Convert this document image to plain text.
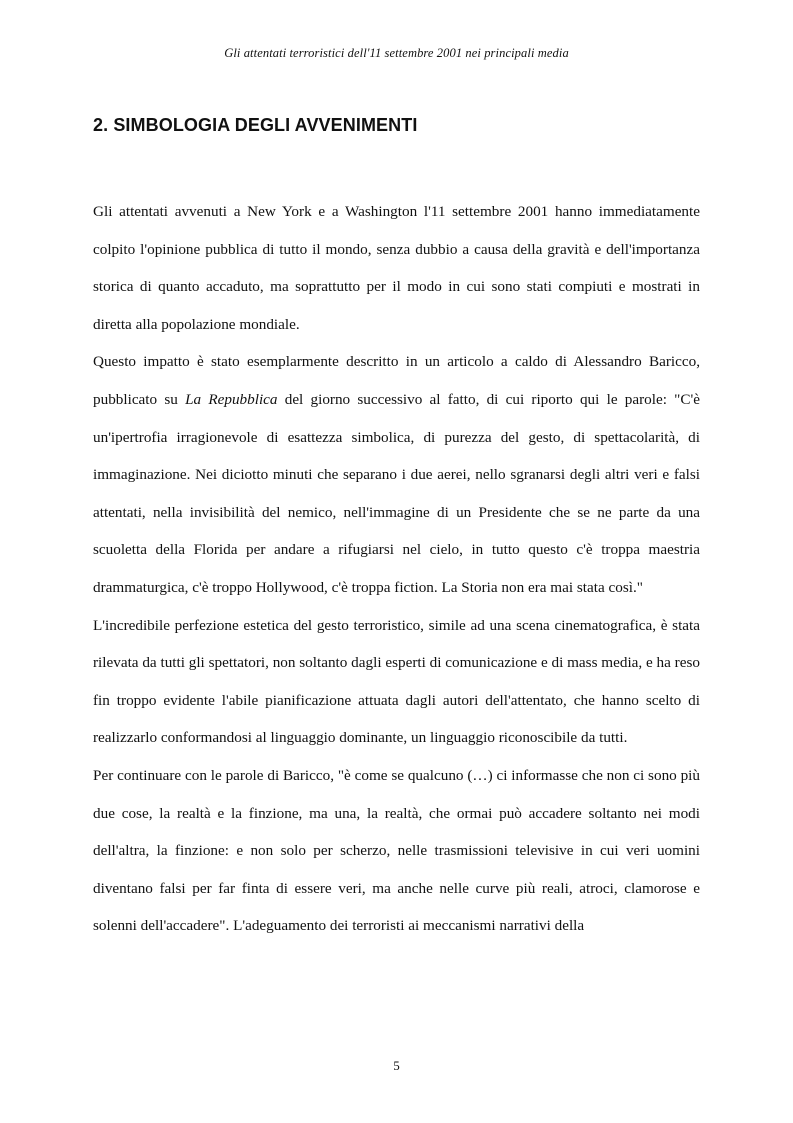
Gli attentati terroristici dell'11 settembre 2001 nei principali media
2. SIMBOLOGIA DEGLI AVVENIMENTI

Gli attentati avvenuti a New York e a Washington l'11 settembre 2001 hanno immediatamente colpito l'opinione pubblica di tutto il mondo, senza dubbio a causa della gravità e dell'importanza storica di quanto accaduto, ma soprattutto per il modo in cui sono stati compiuti e mostrati in diretta alla popolazione mondiale.

Questo impatto è stato esemplarmente descritto in un articolo a caldo di Alessandro Baricco, pubblicato su La Repubblica del giorno successivo al fatto, di cui riporto qui le parole: "C'è un'ipertrofia irragionevole di esattezza simbolica, di purezza del gesto, di spettacolarità, di immaginazione. Nei diciotto minuti che separano i due aerei, nello sgranarsi degli altri veri e falsi attentati, nella invisibilità del nemico, nell'immagine di un Presidente che se ne parte da una scuoletta della Florida per andare a rifugiarsi nel cielo, in tutto questo c'è troppa maestria drammaturgica, c'è troppo Hollywood, c'è troppa fiction. La Storia non era mai stata così."

L'incredibile perfezione estetica del gesto terroristico, simile ad una scena cinematografica, è stata rilevata da tutti gli spettatori, non soltanto dagli esperti di comunicazione e di mass media, e ha reso fin troppo evidente l'abile pianificazione attuata dagli autori dell'attentato, che hanno scelto di realizzarlo conformandosi al linguaggio dominante, un linguaggio riconoscibile da tutti.

Per continuare con le parole di Baricco, "è come se qualcuno (…) ci informasse che non ci sono più due cose, la realtà e la finzione, ma una, la realtà, che ormai può accadere soltanto nei modi dell'altra, la finzione: e non solo per scherzo, nelle trasmissioni televisive in cui veri uomini diventano falsi per far finta di essere veri, ma anche nelle curve più reali, atroci, clamorose e solenni dell'accadere". L'adeguamento dei terroristi ai meccanismi narrativi della

5
